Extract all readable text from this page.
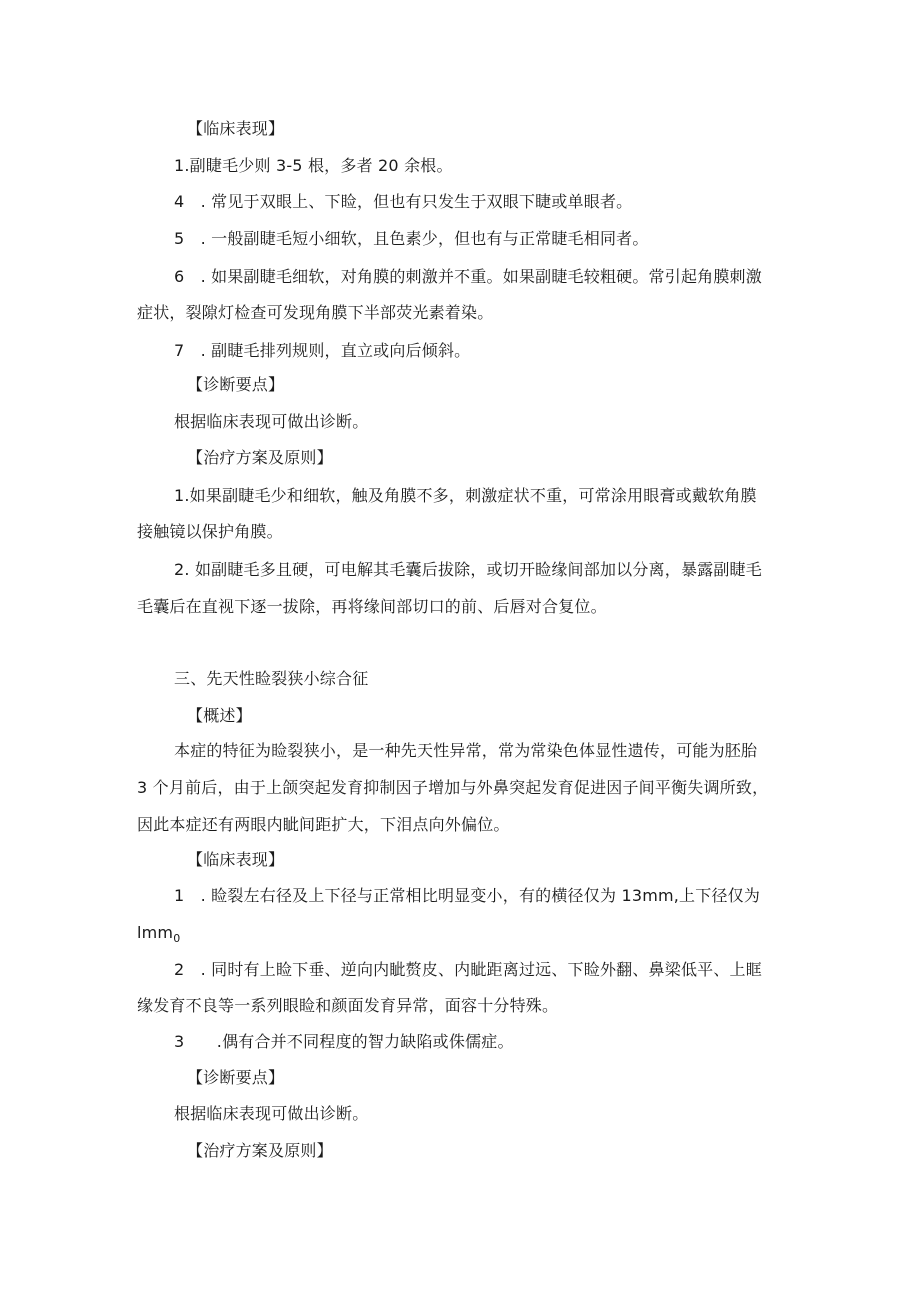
【临床表现】
1.副睫毛少则 3-5 根，多者 20 余根。
4　. 常见于双眼上、下睑，但也有只发生于双眼下睫或单眼者。
5　. 一般副睫毛短小细软，且色素少，但也有与正常睫毛相同者。
6　. 如果副睫毛细软，对角膜的刺激并不重。如果副睫毛较粗硬。常引起角膜刺激
症状，裂隙灯检查可发现角膜下半部荧光素着染。
7　. 副睫毛排列规则，直立或向后倾斜。
【诊断要点】
根据临床表现可做出诊断。
【治疗方案及原则】
1.如果副睫毛少和细软，触及角膜不多，刺激症状不重，可常涂用眼膏或戴软角膜
接触镜以保护角膜。
2. 如副睫毛多且硬，可电解其毛囊后拔除，或切开睑缘间部加以分离，暴露副睫毛
毛囊后在直视下逐一拔除，再将缘间部切口的前、后唇对合复位。
三、先天性睑裂狭小综合征
【概述】
本症的特征为睑裂狭小，是一种先天性异常，常为常染色体显性遗传，可能为胚胎
3 个月前后，由于上颌突起发育抑制因子增加与外鼻突起发育促进因子间平衡失调所致，
因此本症还有两眼内眦间距扩大，下泪点向外偏位。
【临床表现】
1　. 睑裂左右径及上下径与正常相比明显变小，有的横径仅为 13mm,上下径仅为
lmm$_0$
2　. 同时有上睑下垂、逆向内眦赘皮、内眦距离过远、下睑外翻、鼻梁低平、上眶
缘发育不良等一系列眼睑和颜面发育异常，面容十分特殊。
3　　.偶有合并不同程度的智力缺陷或侏儒症。
【诊断要点】
根据临床表现可做出诊断。
【治疗方案及原则】
